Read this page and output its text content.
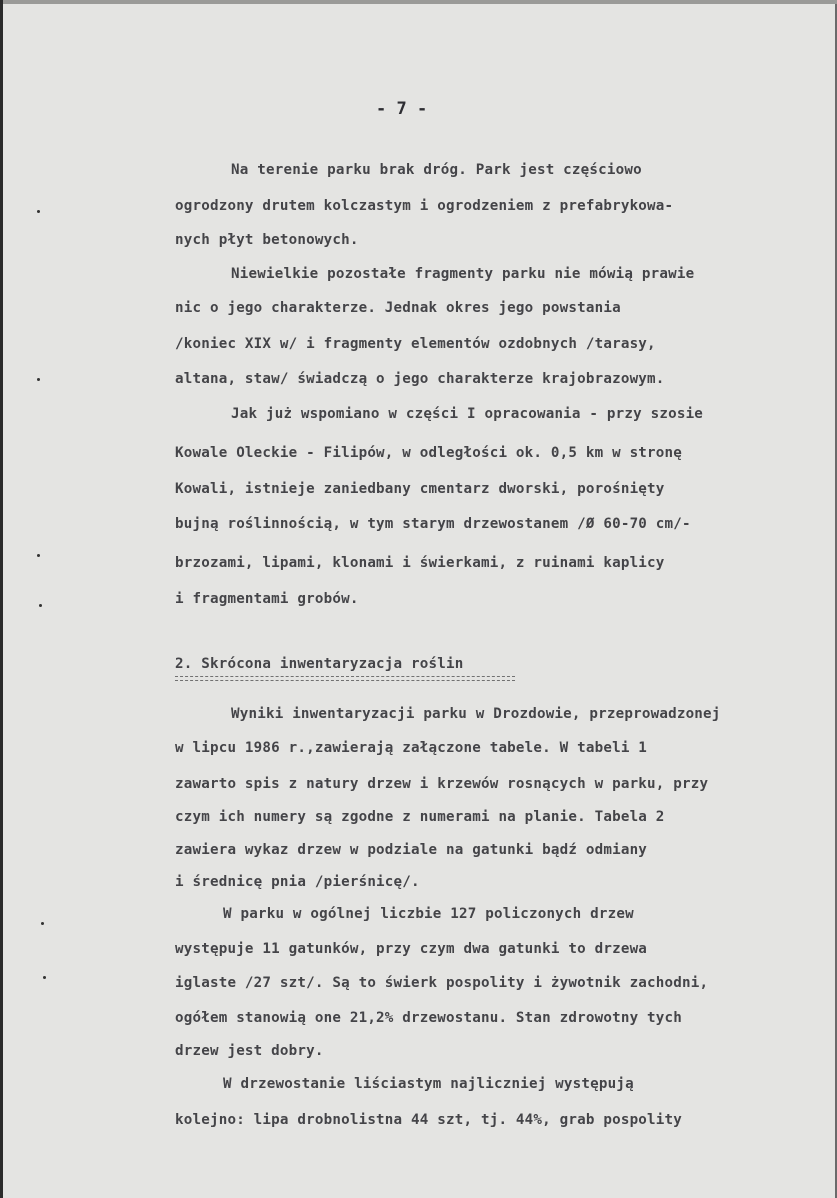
- 7 -
Na terenie parku brak dróg. Park jest częściowo
ogrodzony drutem kolczastym i ogrodzeniem z prefabrykowa-
nych płyt betonowych.
Niewielkie pozostałe fragmenty parku nie mówią prawie
nic o jego charakterze. Jednak okres jego powstania
/koniec XIX w/ i fragmenty elementów ozdobnych /tarasy,
altana, staw/ świadczą o jego charakterze krajobrazowym.
Jak już wspomiano w części I opracowania - przy szosie
Kowale Oleckie - Filipów, w odległości ok. 0,5 km w stronę
Kowali, istnieje zaniedbany cmentarz dworski, porośnięty
bujną roślinnością, w tym starym drzewostanem /Ø 60-70 cm/-
brzozami, lipami, klonami i świerkami, z ruinami kaplicy
i fragmentami grobów.
2. Skrócona inwentaryzacja roślin
Wyniki inwentaryzacji parku w Drozdowie, przeprowadzonej
w lipcu 1986 r.,zawierają załączone tabele. W tabeli 1
zawarto spis z natury drzew i krzewów rosnących w parku, przy
czym ich numery są zgodne z numerami na planie. Tabela 2
zawiera wykaz drzew w podziale na gatunki bądź odmiany
i średnicę pnia /pierśnicę/.
W parku w ogólnej liczbie 127 policzonych drzew
występuje 11 gatunków, przy czym dwa gatunki to drzewa
iglaste /27 szt/. Są to świerk pospolity i żywotnik zachodni,
ogółem stanowią one 21,2% drzewostanu. Stan zdrowotny tych
drzew jest dobry.
W drzewostanie liściastym najliczniej występują
kolejno: lipa drobnolistna 44 szt, tj. 44%, grab pospolity
